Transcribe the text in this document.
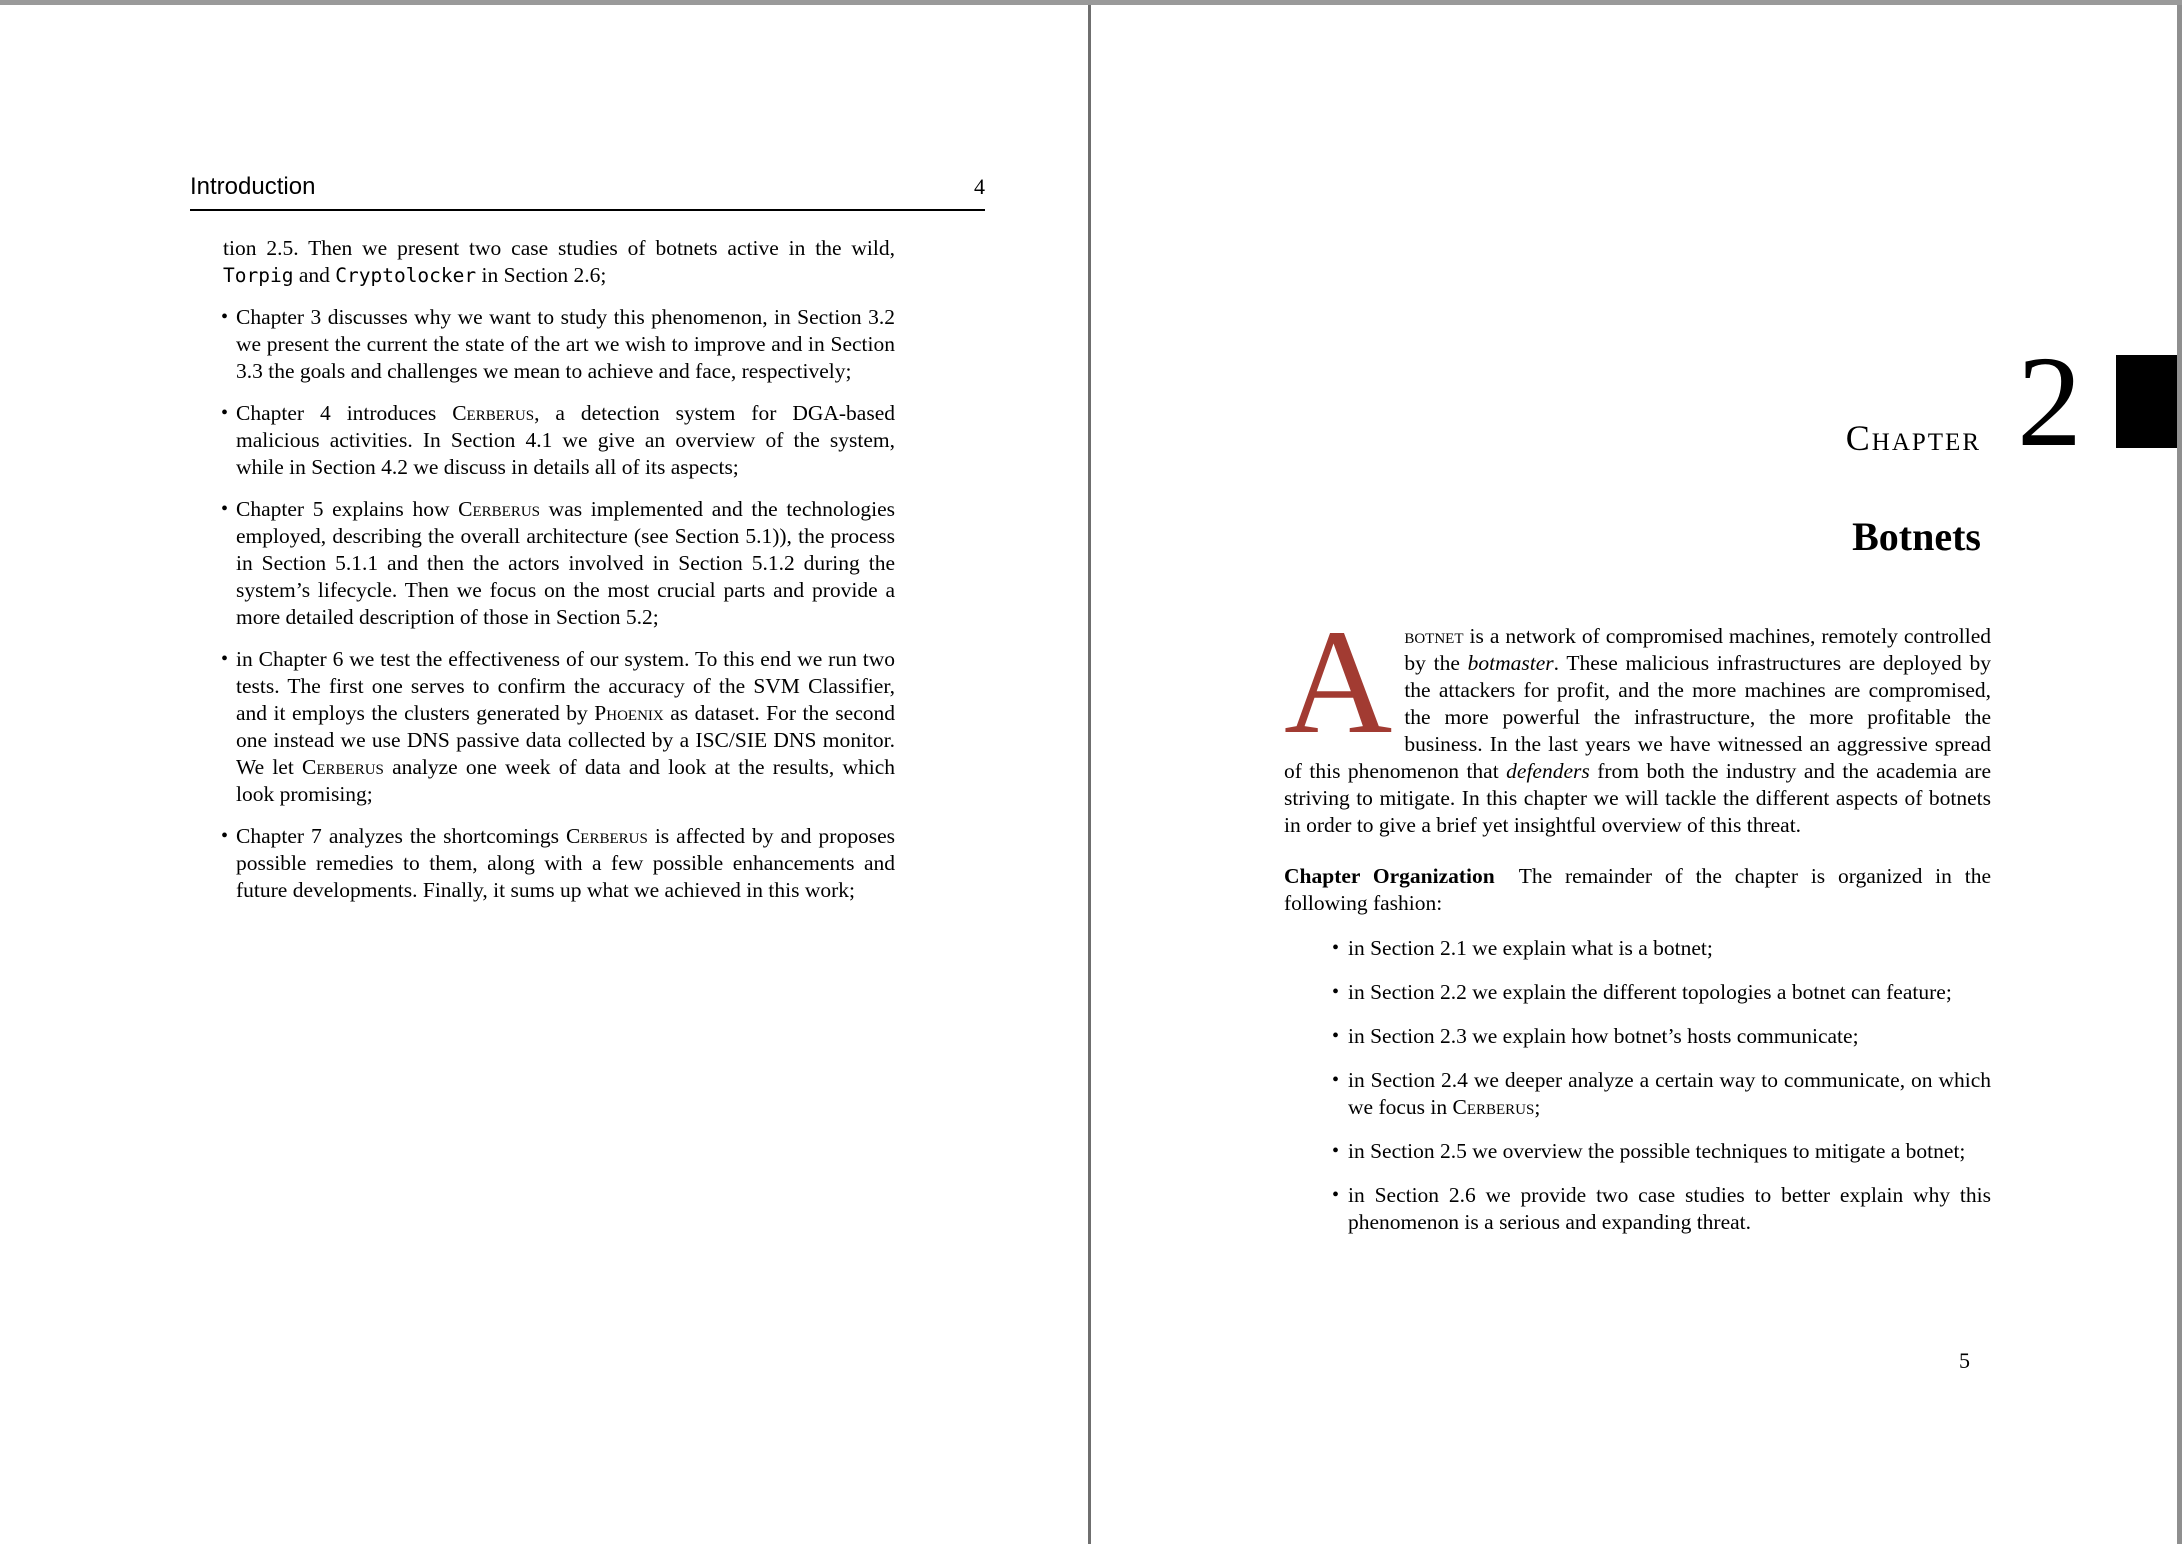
Introduction	4

tion 2.5. Then we present two case studies of botnets active in the wild, Torpig and Cryptolocker in Section 2.6;

• Chapter 3 discusses why we want to study this phenomenon, in Section 3.2 we present the current the state of the art we wish to improve and in Section 3.3 the goals and challenges we mean to achieve and face, respectively;
• Chapter 4 introduces Cerberus, a detection system for DGA-based malicious activities. In Section 4.1 we give an overview of the system, while in Section 4.2 we discuss in details all of its aspects;
• Chapter 5 explains how Cerberus was implemented and the technologies employed, describing the overall architecture (see Section 5.1)), the process in Section 5.1.1 and then the actors involved in Section 5.1.2 during the system’s lifecycle. Then we focus on the most crucial parts and provide a more detailed description of those in Section 5.2;
• in Chapter 6 we test the effectiveness of our system. To this end we run two tests. The first one serves to confirm the accuracy of the SVM Classifier, and it employs the clusters generated by Phoenix as dataset. For the second one instead we use DNS passive data collected by a ISC/SIE DNS monitor. We let Cerberus analyze one week of data and look at the results, which look promising;
• Chapter 7 analyzes the shortcomings Cerberus is affected by and proposes possible remedies to them, along with a few possible enhancements and future developments. Finally, it sums up what we achieved in this work;
Chapter 2
Botnets

Abotnet is a network of compromised machines, remotely controlled by the botmaster. These malicious infrastructures are deployed by the attackers for profit, and the more machines are compromised, the more powerful the infrastructure, the more profitable the business. In the last years we have witnessed an aggressive spread of this phenomenon that defenders from both the industry and the academia are striving to mitigate. In this chapter we will tackle the different aspects of botnets in order to give a brief yet insightful overview of this threat.

Chapter Organization The remainder of the chapter is organized in the following fashion:

• in Section 2.1 we explain what is a botnet;
• in Section 2.2 we explain the different topologies a botnet can feature;
• in Section 2.3 we explain how botnet’s hosts communicate;
• in Section 2.4 we deeper analyze a certain way to communicate, on which we focus in Cerberus;
• in Section 2.5 we overview the possible techniques to mitigate a botnet;
• in Section 2.6 we provide two case studies to better explain why this phenomenon is a serious and expanding threat.
5
